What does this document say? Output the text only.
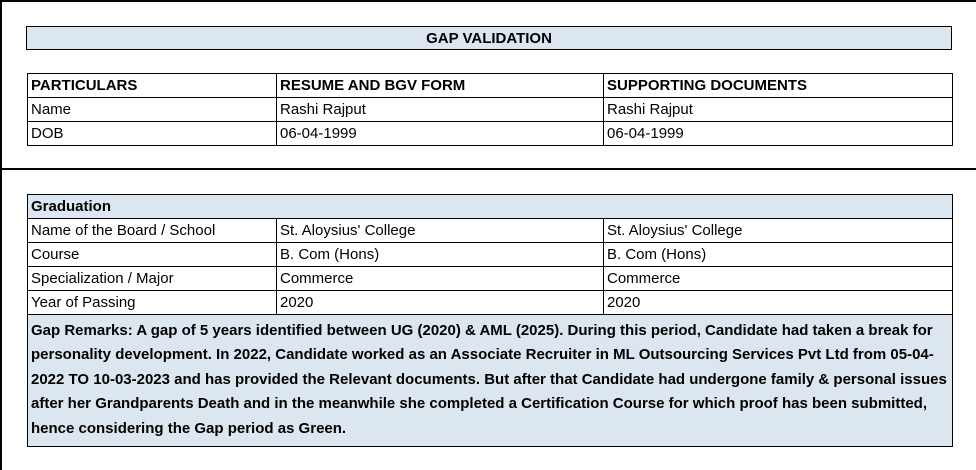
GAP VALIDATION
PARTICULARS	RESUME AND BGV FORM	SUPPORTING DOCUMENTS
Name	Rashi Rajput	Rashi Rajput
DOB	06-04-1999	06-04-1999
Graduation		
Name of the Board / School	St. Aloysius' College	St. Aloysius' College
Course	B. Com (Hons)	B. Com (Hons)
Specialization / Major	Commerce	Commerce
Year of Passing	2020	2020
Gap Remarks: A gap of 5 years identified between UG (2020) & AML (2025). During this period, Candidate had taken a break for personality development. In 2022, Candidate worked as an Associate Recruiter in ML Outsourcing Services Pvt Ltd from 05-04-2022 TO 10-03-2023 and has provided the Relevant documents. But after that Candidate had undergone family & personal issues after her Grandparents Death and in the meanwhile she completed a Certification Course for which proof has been submitted, hence considering the Gap period as Green.		
